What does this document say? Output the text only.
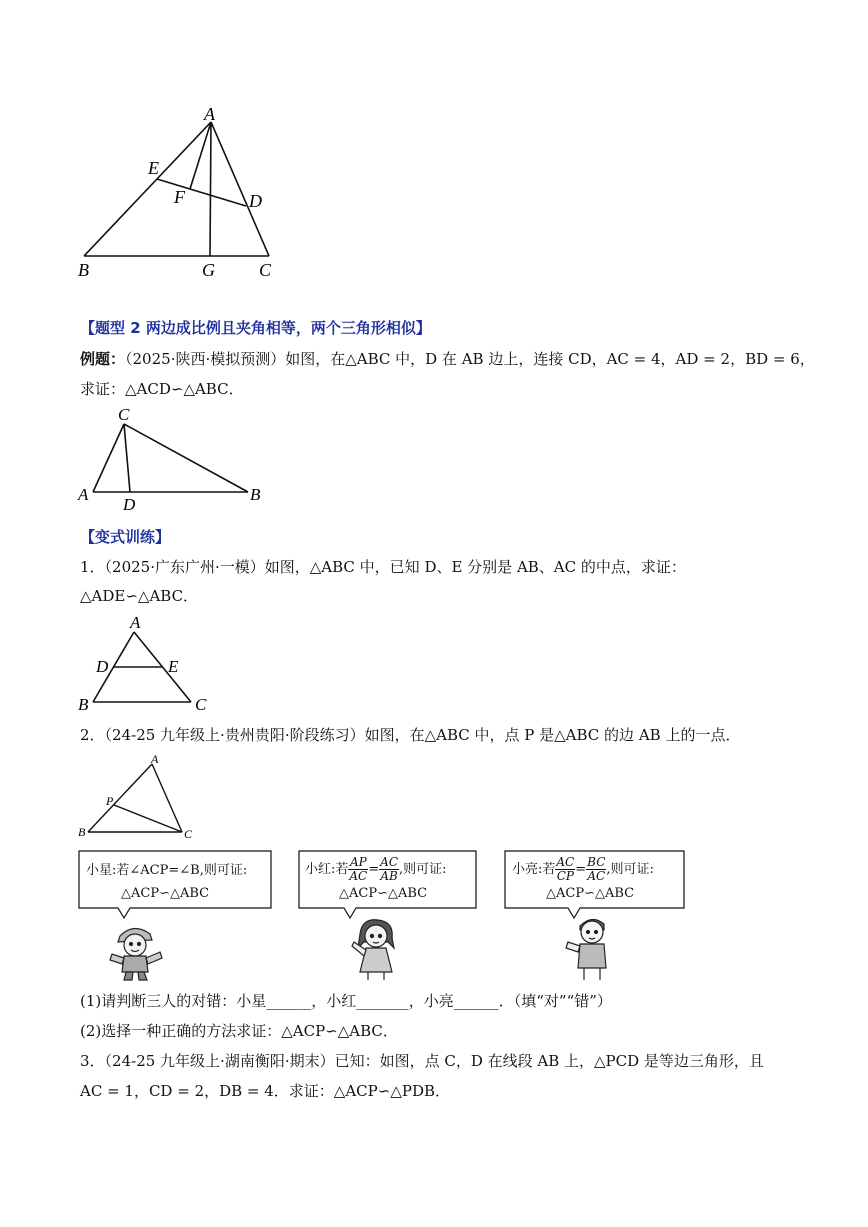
A
E
F	D
B	G C
【题型 2 两边成比例且夹角相等，两个三角形相似】
例题：（2025·陕西·模拟预测）如图，在△ABC 中，D 在 AB 边上，连接 CD，AC = 4，AD = 2，BD = 6，
求证：△ACD∽△ABC．
C
A
D
B
【变式训练】
1．（2025·广东广州·一模）如图，△ABC 中，已知 D、E 分别是 AB、AC 的中点，求证：
△ADE∽△ABC．
A
D	E
B	C
2．（24-25 九年级上·贵州贵阳·阶段练习）如图，在△ABC 中，点 P 是△ABC 的边 AB 上的一点．
A
P
B	C
小星:若∠ACP=∠B,则可证:
△ACP∽△ABC
小红:若 $\frac{AP}{AC} = \frac{AC}{AB}$ ,则可证:
△ACP∽△ABC
小亮:若 $\frac{AC}{CP} = \frac{BC}{AC}$ ,则可证:
△ACP∽△ABC
(1)请判断三人的对错：小星______，小红_______，小亮______．（填“对”“错”）
(2)选择一种正确的方法求证：△ACP∽△ABC．
3．（24-25 九年级上·湖南衡阳·期末）已知：如图，点 C，D 在线段 AB 上，△PCD 是等边三角形，且
AC = 1，CD = 2，DB = 4．求证：△ACP∽△PDB．
